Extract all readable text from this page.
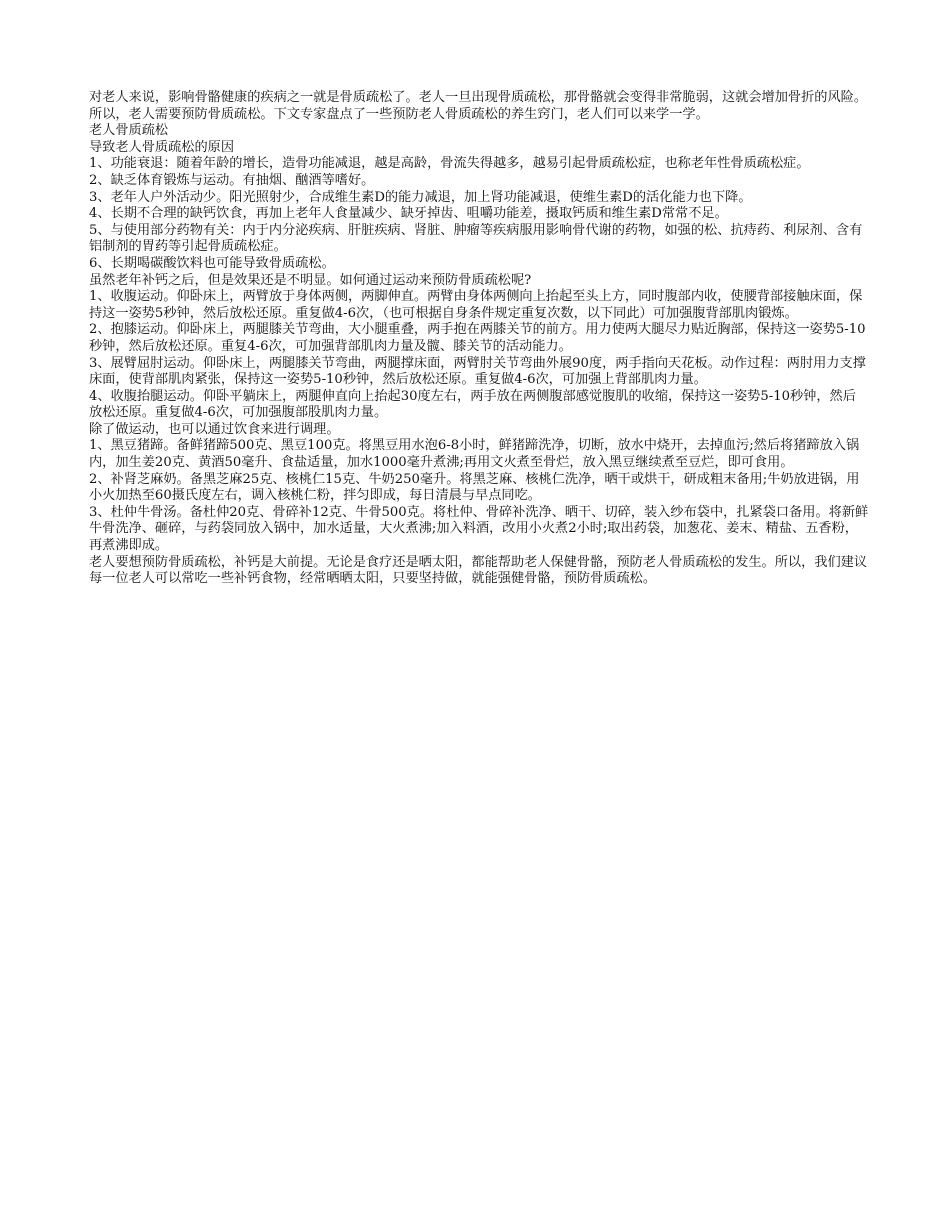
对老人来说，影响骨骼健康的疾病之一就是骨质疏松了。老人一旦出现骨质疏松，那骨骼就会变得非常脆弱，这就会增加骨折的风险。所以，老人需要预防骨质疏松。下文专家盘点了一些预防老人骨质疏松的养生窍门，老人们可以来学一学。

老人骨质疏松

导致老人骨质疏松的原因

1、功能衰退：随着年龄的增长，造骨功能减退，越是高龄，骨流失得越多，越易引起骨质疏松症，也称老年性骨质疏松症。

2、缺乏体育锻炼与运动。有抽烟、酗酒等嗜好。

3、老年人户外活动少。阳光照射少，合成维生素D的能力减退，加上肾功能减退，使维生素D的活化能力也下降。

4、长期不合理的缺钙饮食，再加上老年人食量减少、缺牙掉齿、咀嚼功能差，摄取钙质和维生素D常常不足。

5、与使用部分药物有关：内于内分泌疾病、肝脏疾病、肾脏、肿瘤等疾病服用影响骨代谢的药物，如强的松、抗痔药、利尿剂、含有铝制剂的胃药等引起骨质疏松症。

6、长期喝碳酸饮料也可能导致骨质疏松。

虽然老年补钙之后，但是效果还是不明显。如何通过运动来预防骨质疏松呢?

1、收腹运动。仰卧床上，两臂放于身体两侧，两脚伸直。两臂由身体两侧向上抬起至头上方，同时腹部内收，使腰背部接触床面，保持这一姿势5秒钟，然后放松还原。重复做4-6次，（也可根据自身条件规定重复次数，以下同此）可加强腹背部肌肉锻炼。

2、抱膝运动。仰卧床上，两腿膝关节弯曲，大小腿重叠，两手抱在两膝关节的前方。用力使两大腿尽力贴近胸部，保持这一姿势5-10秒钟，然后放松还原。重复4-6次，可加强背部肌肉力量及髋、膝关节的活动能力。

3、展臂屈肘运动。仰卧床上，两腿膝关节弯曲，两腿撑床面，两臂肘关节弯曲外展90度，两手指向天花板。动作过程：两肘用力支撑床面，使背部肌肉紧张，保持这一姿势5-10秒钟，然后放松还原。重复做4-6次，可加强上背部肌肉力量。

4、收腹抬腿运动。仰卧平躺床上，两腿伸直向上抬起30度左右，两手放在两侧腹部感觉腹肌的收缩，保持这一姿势5-10秒钟，然后放松还原。重复做4-6次，可加强腹部股肌肉力量。

除了做运动，也可以通过饮食来进行调理。

1、黑豆猪蹄。备鲜猪蹄500克、黑豆100克。将黑豆用水泡6-8小时，鲜猪蹄洗净，切断，放水中烧开，去掉血污;然后将猪蹄放入锅内，加生姜20克、黄酒50毫升、食盐适量，加水1000毫升煮沸;再用文火煮至骨烂，放入黑豆继续煮至豆烂，即可食用。

2、补肾芝麻奶。备黑芝麻25克、核桃仁15克、牛奶250毫升。将黑芝麻、核桃仁洗净，晒干或烘干，研成粗末备用;牛奶放进锅，用小火加热至60摄氏度左右，调入核桃仁粉，拌匀即成，每日清晨与早点同吃。

3、杜仲牛骨汤。备杜仲20克、骨碎补12克、牛骨500克。将杜仲、骨碎补洗净、晒干、切碎，装入纱布袋中，扎紧袋口备用。将新鲜牛骨洗净、砸碎，与药袋同放入锅中，加水适量，大火煮沸;加入料酒，改用小火煮2小时;取出药袋，加葱花、姜末、精盐、五香粉，再煮沸即成。

老人要想预防骨质疏松，补钙是大前提。无论是食疗还是晒太阳，都能帮助老人保健骨骼，预防老人骨质疏松的发生。所以，我们建议每一位老人可以常吃一些补钙食物，经常晒晒太阳，只要坚持做，就能强健骨骼，预防骨质疏松。
